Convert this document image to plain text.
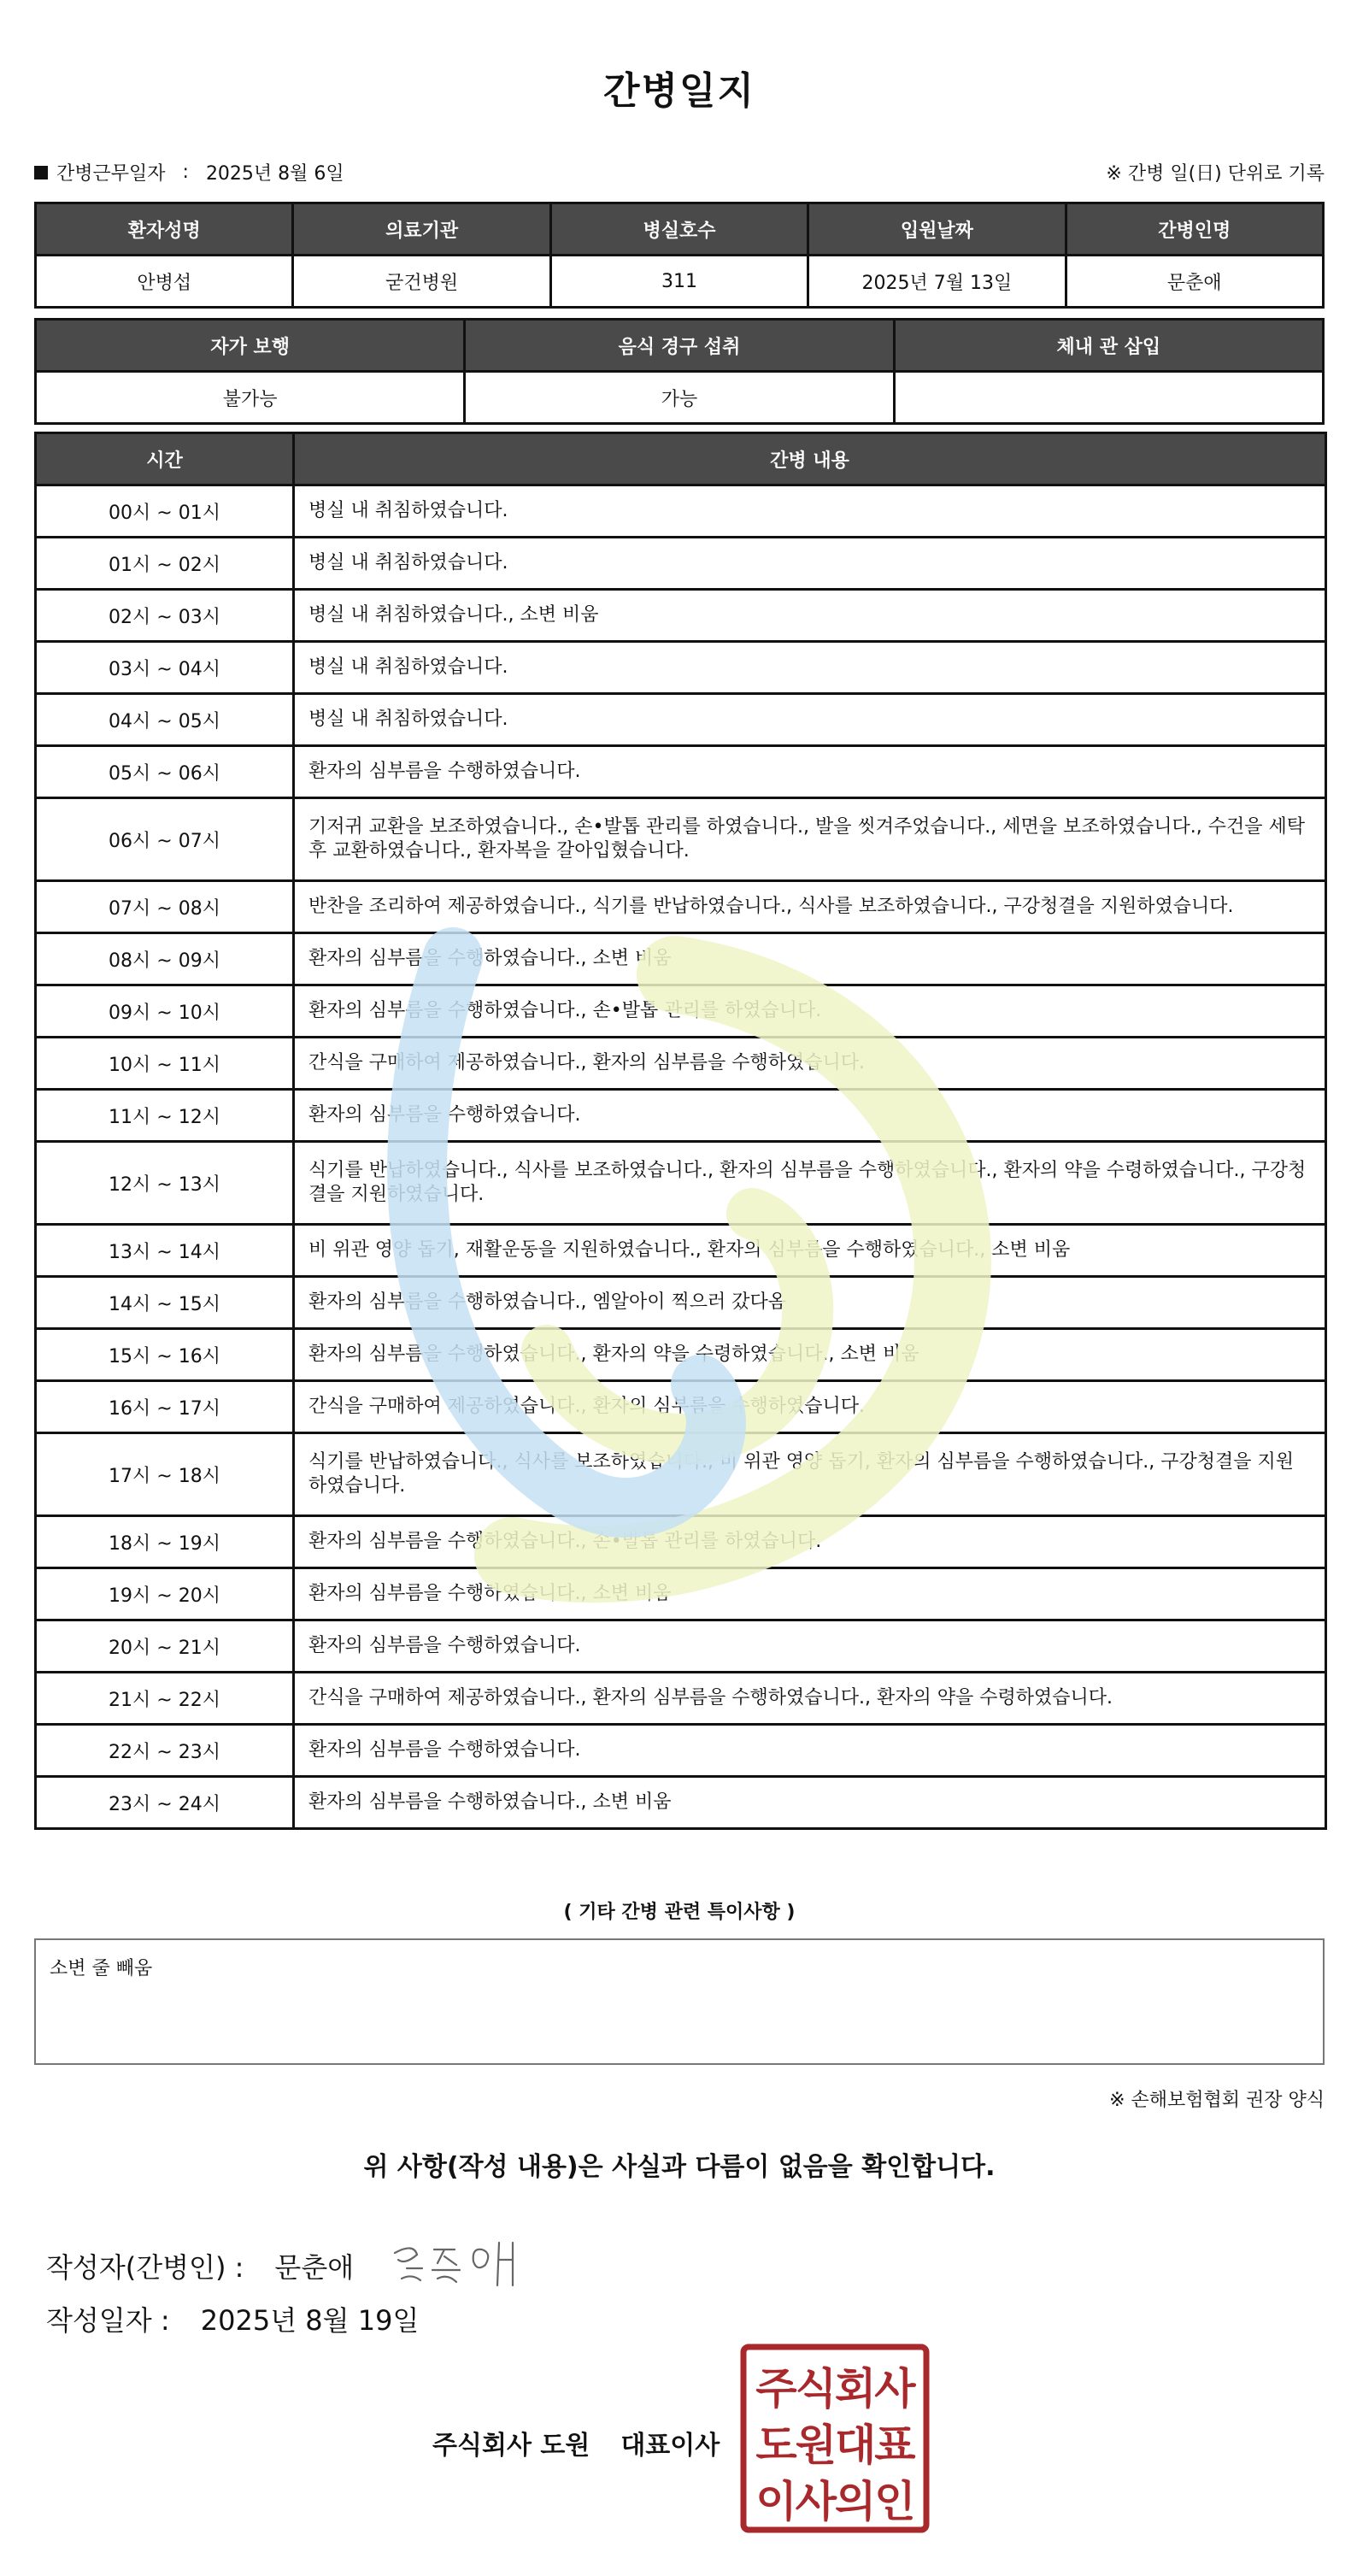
간병일지
간병근무일자 : 2025년 8월 6일	※ 간병 일(日) 단위로 기록
환자성명	의료기관	병실호수	입원날짜	간병인명
안병섭	굳건병원	311	2025년 7월 13일	문춘애
자가 보행	음식 경구 섭취	체내 관 삽입
불가능	가능	
시간	간병 내용
00시 ~ 01시	병실 내 취침하였습니다.
01시 ~ 02시	병실 내 취침하였습니다.
02시 ~ 03시	병실 내 취침하였습니다., 소변 비움
03시 ~ 04시	병실 내 취침하였습니다.
04시 ~ 05시	병실 내 취침하였습니다.
05시 ~ 06시	환자의 심부름을 수행하였습니다.
06시 ~ 07시	기저귀 교환을 보조하였습니다., 손•발톱 관리를 하였습니다., 발을 씻겨주었습니다., 세면을 보조하였습니다., 수건을 세탁 후 교환하였습니다., 환자복을 갈아입혔습니다.
07시 ~ 08시	반찬을 조리하여 제공하였습니다., 식기를 반납하였습니다., 식사를 보조하였습니다., 구강청결을 지원하였습니다.
08시 ~ 09시	환자의 심부름을 수행하였습니다., 소변 비움
09시 ~ 10시	환자의 심부름을 수행하였습니다., 손•발톱 관리를 하였습니다.
10시 ~ 11시	간식을 구매하여 제공하였습니다., 환자의 심부름을 수행하였습니다.
11시 ~ 12시	환자의 심부름을 수행하였습니다.
12시 ~ 13시	식기를 반납하였습니다., 식사를 보조하였습니다., 환자의 심부름을 수행하였습니다., 환자의 약을 수령하였습니다., 구강청결을 지원하였습니다.
13시 ~ 14시	비 위관 영양 돕기, 재활운동을 지원하였습니다., 환자의 심부름을 수행하였습니다., 소변 비움
14시 ~ 15시	환자의 심부름을 수행하였습니다., 엠알아이 찍으러 갔다옴
15시 ~ 16시	환자의 심부름을 수행하였습니다., 환자의 약을 수령하였습니다., 소변 비움
16시 ~ 17시	간식을 구매하여 제공하였습니다., 환자의 심부름을 수행하였습니다.
17시 ~ 18시	식기를 반납하였습니다., 식사를 보조하였습니다., 비 위관 영양 돕기, 환자의 심부름을 수행하였습니다., 구강청결을 지원하였습니다.
18시 ~ 19시	환자의 심부름을 수행하였습니다., 손•발톱 관리를 하였습니다.
19시 ~ 20시	환자의 심부름을 수행하였습니다., 소변 비움
20시 ~ 21시	환자의 심부름을 수행하였습니다.
21시 ~ 22시	간식을 구매하여 제공하였습니다., 환자의 심부름을 수행하였습니다., 환자의 약을 수령하였습니다.
22시 ~ 23시	환자의 심부름을 수행하였습니다.
23시 ~ 24시	환자의 심부름을 수행하였습니다., 소변 비움
( 기타 간병 관련 특이사항 )
소변 줄 빼움
※ 손해보험협회 권장 양식
위 사항(작성 내용)은 사실과 다름이 없음을 확인합니다.
작성자(간병인) : 문춘애
작성일자 : 2025년 8월 19일
주식회사 도원 대표이사
주식회사
도원대표
이사의인
